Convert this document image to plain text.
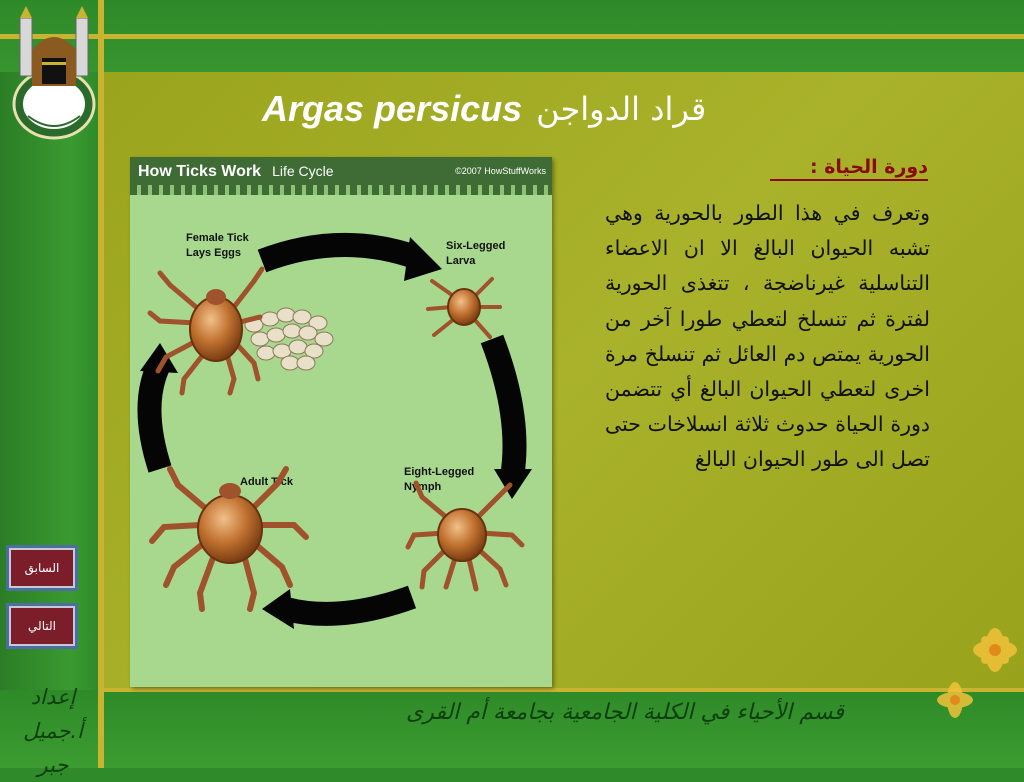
Argas persicus قراد الدواجن
How Ticks Work Life Cycle	©2007 HowStuffWorks
Female Tick
Lays Eggs
Six-Legged
Larva
Eight-Legged
Nymph
Adult Tick
دورة الحياة :
وتعرف في هذا الطور بالحورية وهي تشبه الحيوان البالغ الا ان الاعضاء التناسلية غيرناضجة ، تتغذى الحورية لفترة ثم تنسلخ لتعطي طورا آخر من الحورية يمتص دم العائل ثم تنسلخ مرة اخرى لتعطي الحيوان البالغ أي تتضمن دورة الحياة حدوث ثلاثة انسلاخات حتى تصل الى طور الحيوان البالغ
السابق
التالي
إعداد
أ.جميل جبر
قسم الأحياء في الكلية الجامعية بجامعة أم القرى
